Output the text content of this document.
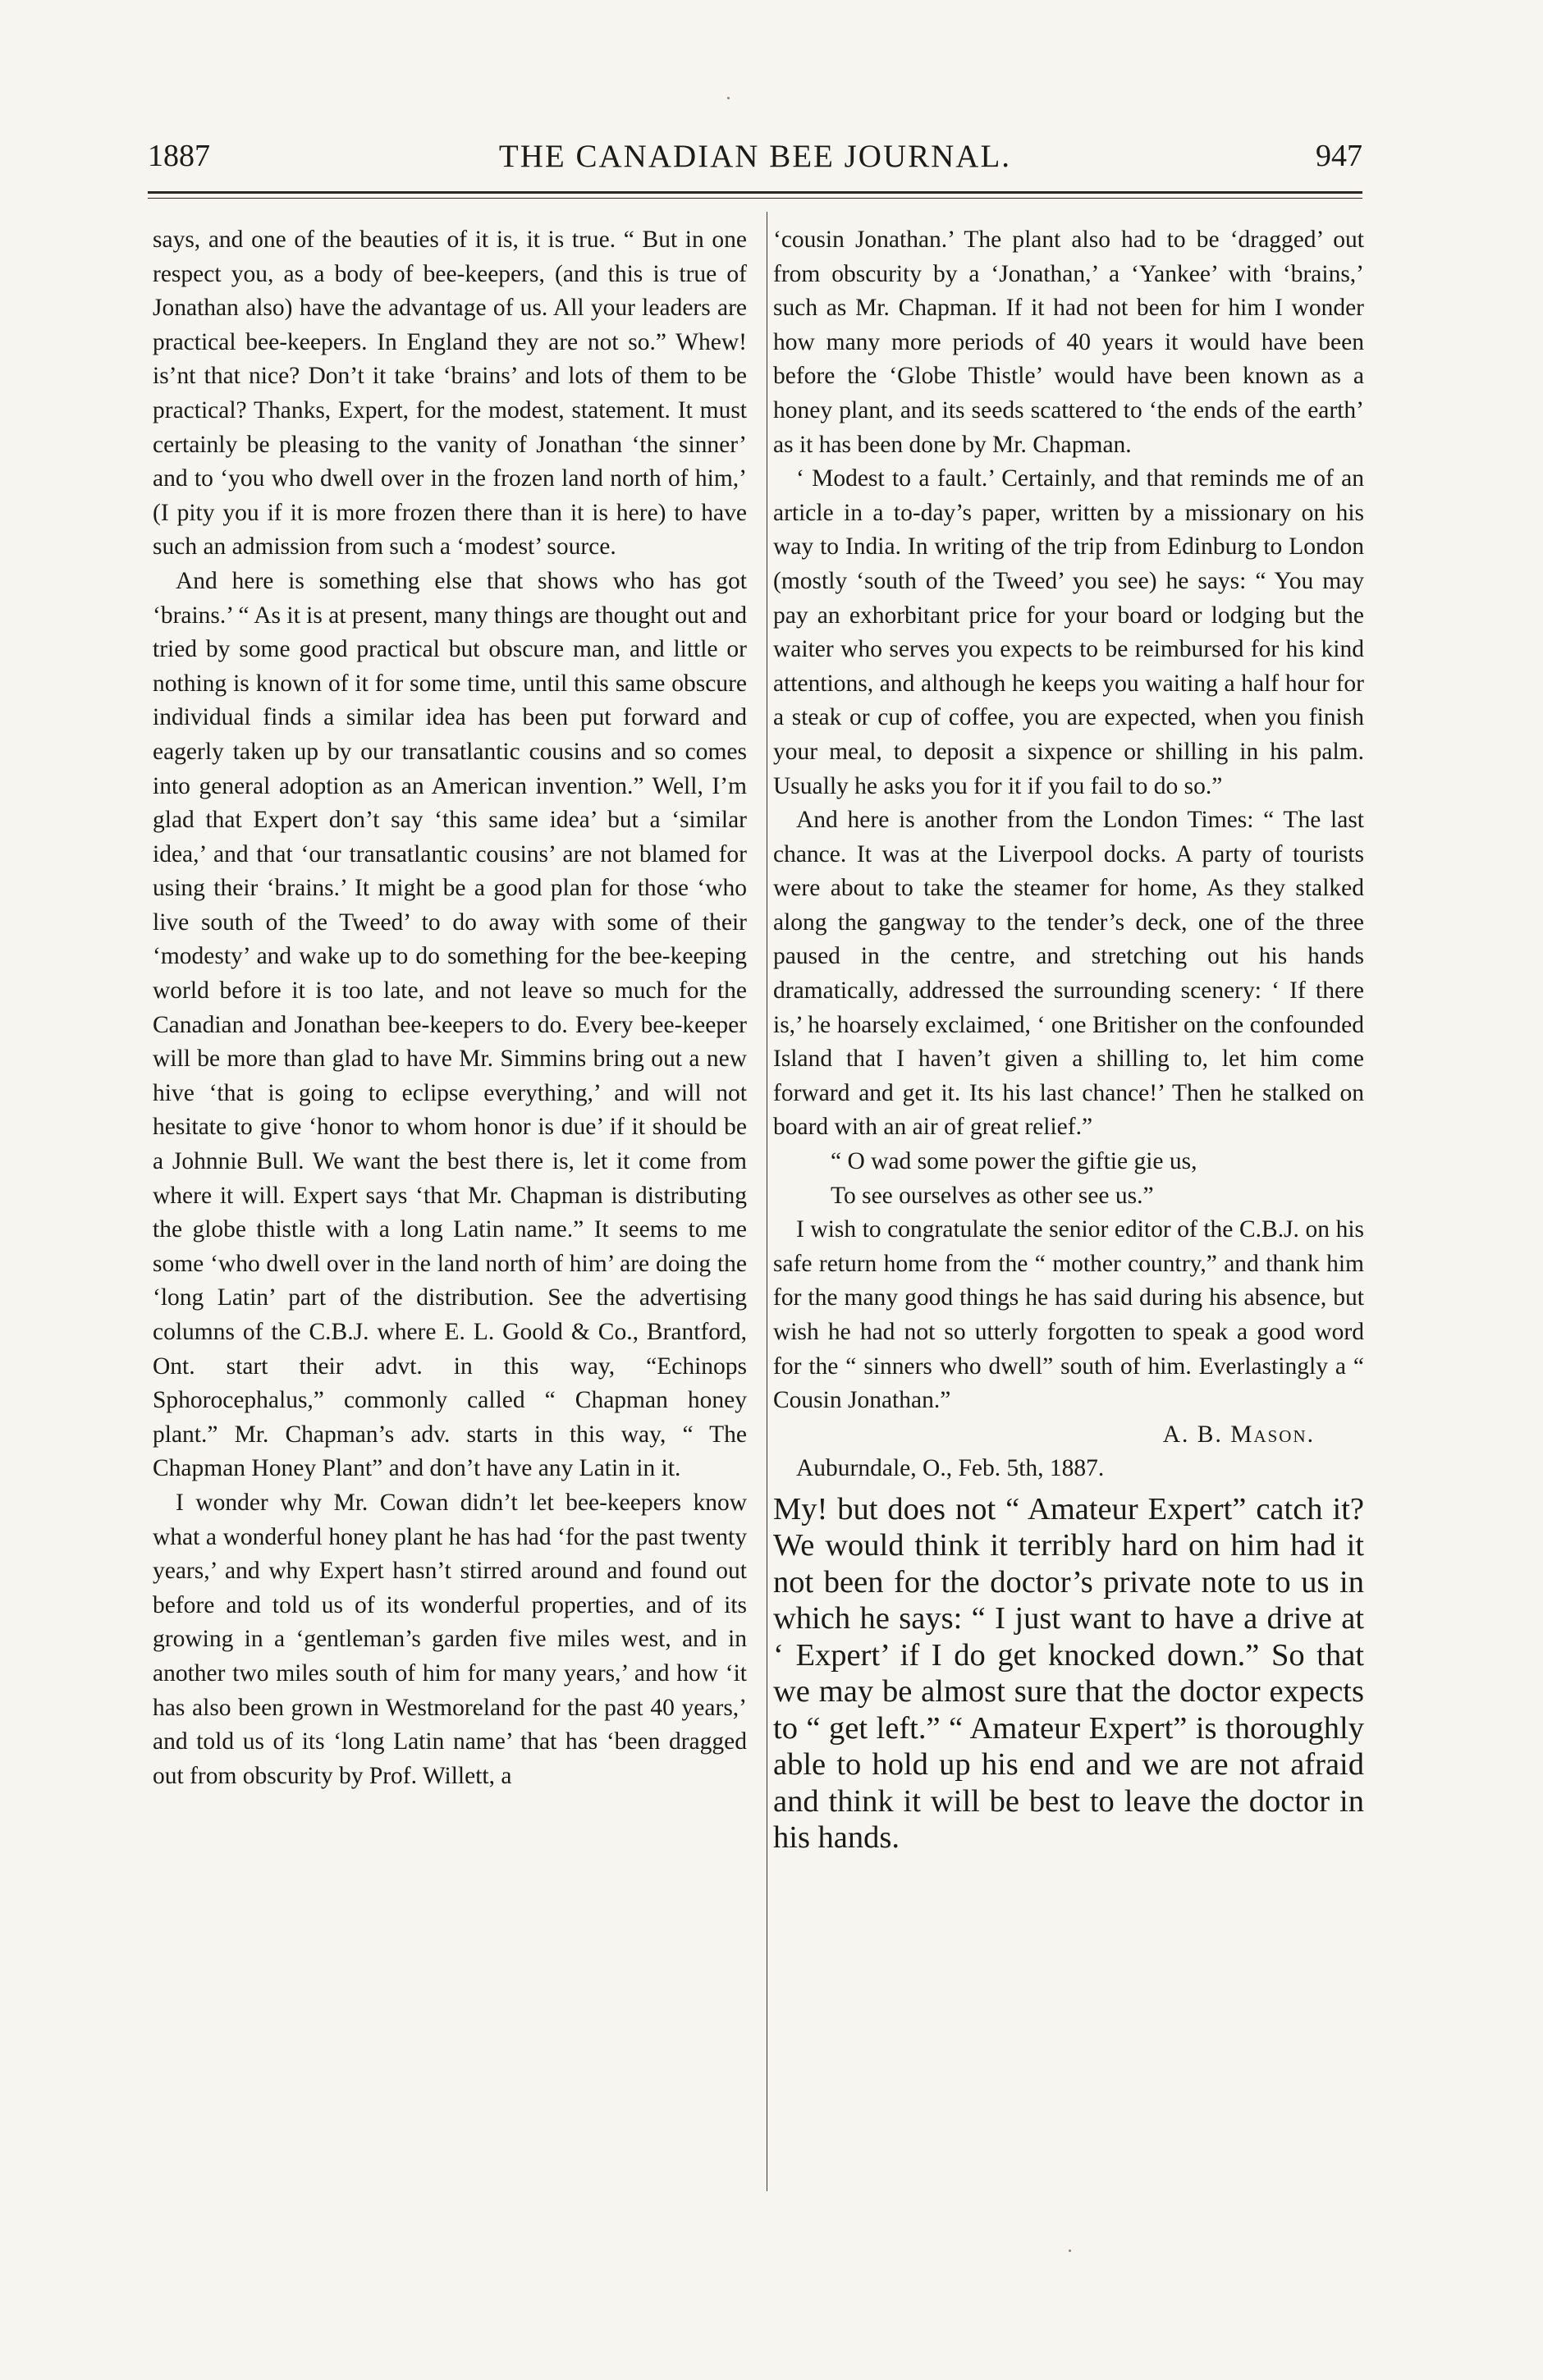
1887	THE CANADIAN BEE JOURNAL.	947

says, and one of the beauties of it is, it is true. “ But in one respect you, as a body of bee-keepers, (and this is true of Jonathan also) have the advantage of us. All your leaders are practical bee-keepers. In England they are not so.” Whew! is’nt that nice? Don’t it take ‘brains’ and lots of them to be practical? Thanks, Expert, for the modest, statement. It must certainly be pleasing to the vanity of Jonathan ‘the sinner’ and to ‘you who dwell over in the frozen land north of him,’ (I pity you if it is more frozen there than it is here) to have such an admission from such a ‘modest’ source.

And here is something else that shows who has got ‘brains.’ “ As it is at present, many things are thought out and tried by some good practical but obscure man, and little or nothing is known of it for some time, until this same obscure individual finds a similar idea has been put forward and eagerly taken up by our transatlantic cousins and so comes into general adoption as an American invention.” Well, I’m glad that Expert don’t say ‘this same idea’ but a ‘similar idea,’ and that ‘our transatlantic cousins’ are not blamed for using their ‘brains.’ It might be a good plan for those ‘who live south of the Tweed’ to do away with some of their ‘modesty’ and wake up to do something for the bee-keeping world before it is too late, and not leave so much for the Canadian and Jonathan bee-keepers to do. Every bee-keeper will be more than glad to have Mr. Simmins bring out a new hive ‘that is going to eclipse everything,’ and will not hesitate to give ‘honor to whom honor is due’ if it should be a Johnnie Bull. We want the best there is, let it come from where it will. Expert says ‘that Mr. Chapman is distributing the globe thistle with a long Latin name.” It seems to me some ‘who dwell over in the land north of him’ are doing the ‘long Latin’ part of the distribution. See the advertising columns of the C.B.J. where E. L. Goold & Co., Brantford, Ont. start their advt. in this way, “Echinops Sphorocephalus,” commonly called “ Chapman honey plant.” Mr. Chapman’s adv. starts in this way, “ The Chapman Honey Plant” and don’t have any Latin in it.

I wonder why Mr. Cowan didn’t let bee-keepers know what a wonderful honey plant he has had ‘for the past twenty years,’ and why Expert hasn’t stirred around and found out before and told us of its wonderful properties, and of its growing in a ‘gentleman’s garden five miles west, and in another two miles south of him for many years,’ and how ‘it has also been grown in Westmoreland for the past 40 years,’ and told us of its ‘long Latin name’ that has ‘been dragged out from obscurity by Prof. Willett, a

‘cousin Jonathan.’ The plant also had to be ‘dragged’ out from obscurity by a ‘Jonathan,’ a ‘Yankee’ with ‘brains,’ such as Mr. Chapman. If it had not been for him I wonder how many more periods of 40 years it would have been before the ‘Globe Thistle’ would have been known as a honey plant, and its seeds scattered to ‘the ends of the earth’ as it has been done by Mr. Chapman.

‘ Modest to a fault.’ Certainly, and that reminds me of an article in a to-day’s paper, written by a missionary on his way to India. In writing of the trip from Edinburg to London (mostly ‘south of the Tweed’ you see) he says: “ You may pay an exhorbitant price for your board or lodging but the waiter who serves you expects to be reimbursed for his kind attentions, and although he keeps you waiting a half hour for a steak or cup of coffee, you are expected, when you finish your meal, to deposit a sixpence or shilling in his palm. Usually he asks you for it if you fail to do so.”

And here is another from the London Times: “ The last chance. It was at the Liverpool docks. A party of tourists were about to take the steamer for home, As they stalked along the gangway to the tender’s deck, one of the three paused in the centre, and stretching out his hands dramatically, addressed the surrounding scenery: ‘ If there is,’ he hoarsely exclaimed, ‘ one Britisher on the confounded Island that I haven’t given a shilling to, let him come forward and get it. Its his last chance!’ Then he stalked on board with an air of great relief.”

“ O wad some power the giftie gie us,
To see ourselves as other see us.”

I wish to congratulate the senior editor of the C.B.J. on his safe return home from the “ mother country,” and thank him for the many good things he has said during his absence, but wish he had not so utterly forgotten to speak a good word for the “ sinners who dwell” south of him. Everlastingly a “ Cousin Jonathan.”

A. B. Mason.

Auburndale, O., Feb. 5th, 1887.

My! but does not “ Amateur Expert” catch it? We would think it terribly hard on him had it not been for the doctor’s private note to us in which he says: “ I just want to have a drive at ‘ Expert’ if I do get knocked down.” So that we may be almost sure that the doctor expects to “ get left.” “ Amateur Expert” is thoroughly able to hold up his end and we are not afraid and think it will be best to leave the doctor in his hands.
